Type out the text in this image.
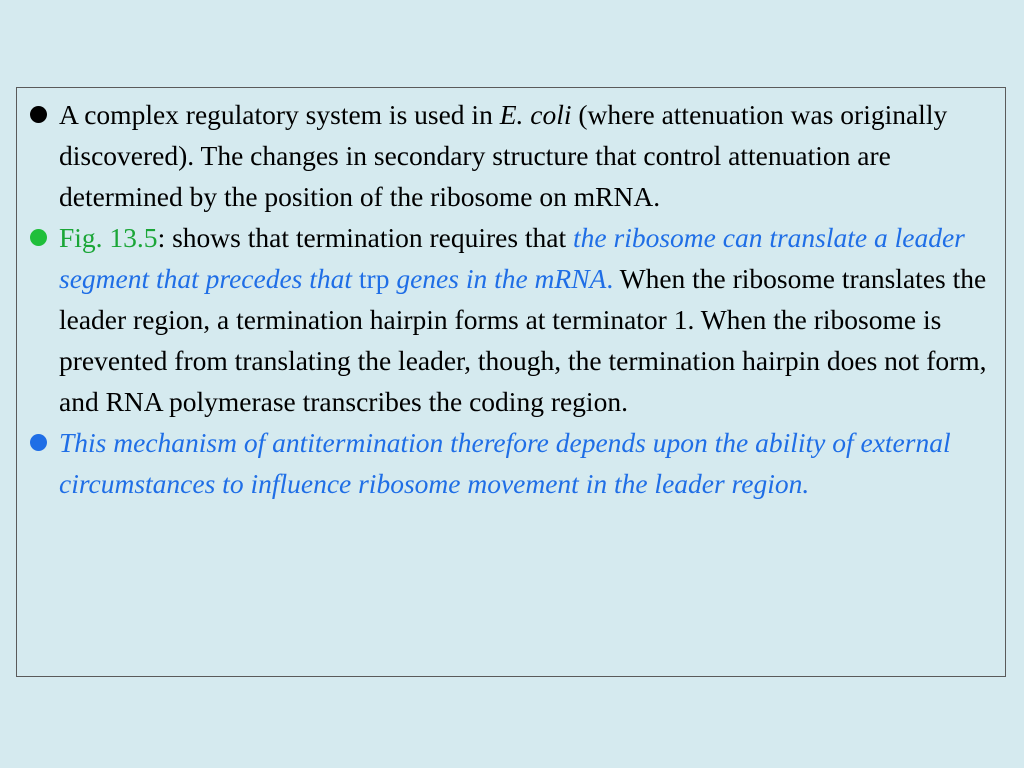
A complex regulatory system is used in E. coli (where attenuation was originally discovered). The changes in secondary structure that control attenuation are determined by the position of the ribosome on mRNA.
Fig. 13.5: shows that termination requires that the ribosome can translate a leader segment that precedes that trp genes in the mRNA. When the ribosome translates the leader region, a termination hairpin forms at terminator 1. When the ribosome is prevented from translating the leader, though, the termination hairpin does not form, and RNA polymerase transcribes the coding region.
This mechanism of antitermination therefore depends upon the ability of external circumstances to influence ribosome movement in the leader region.
